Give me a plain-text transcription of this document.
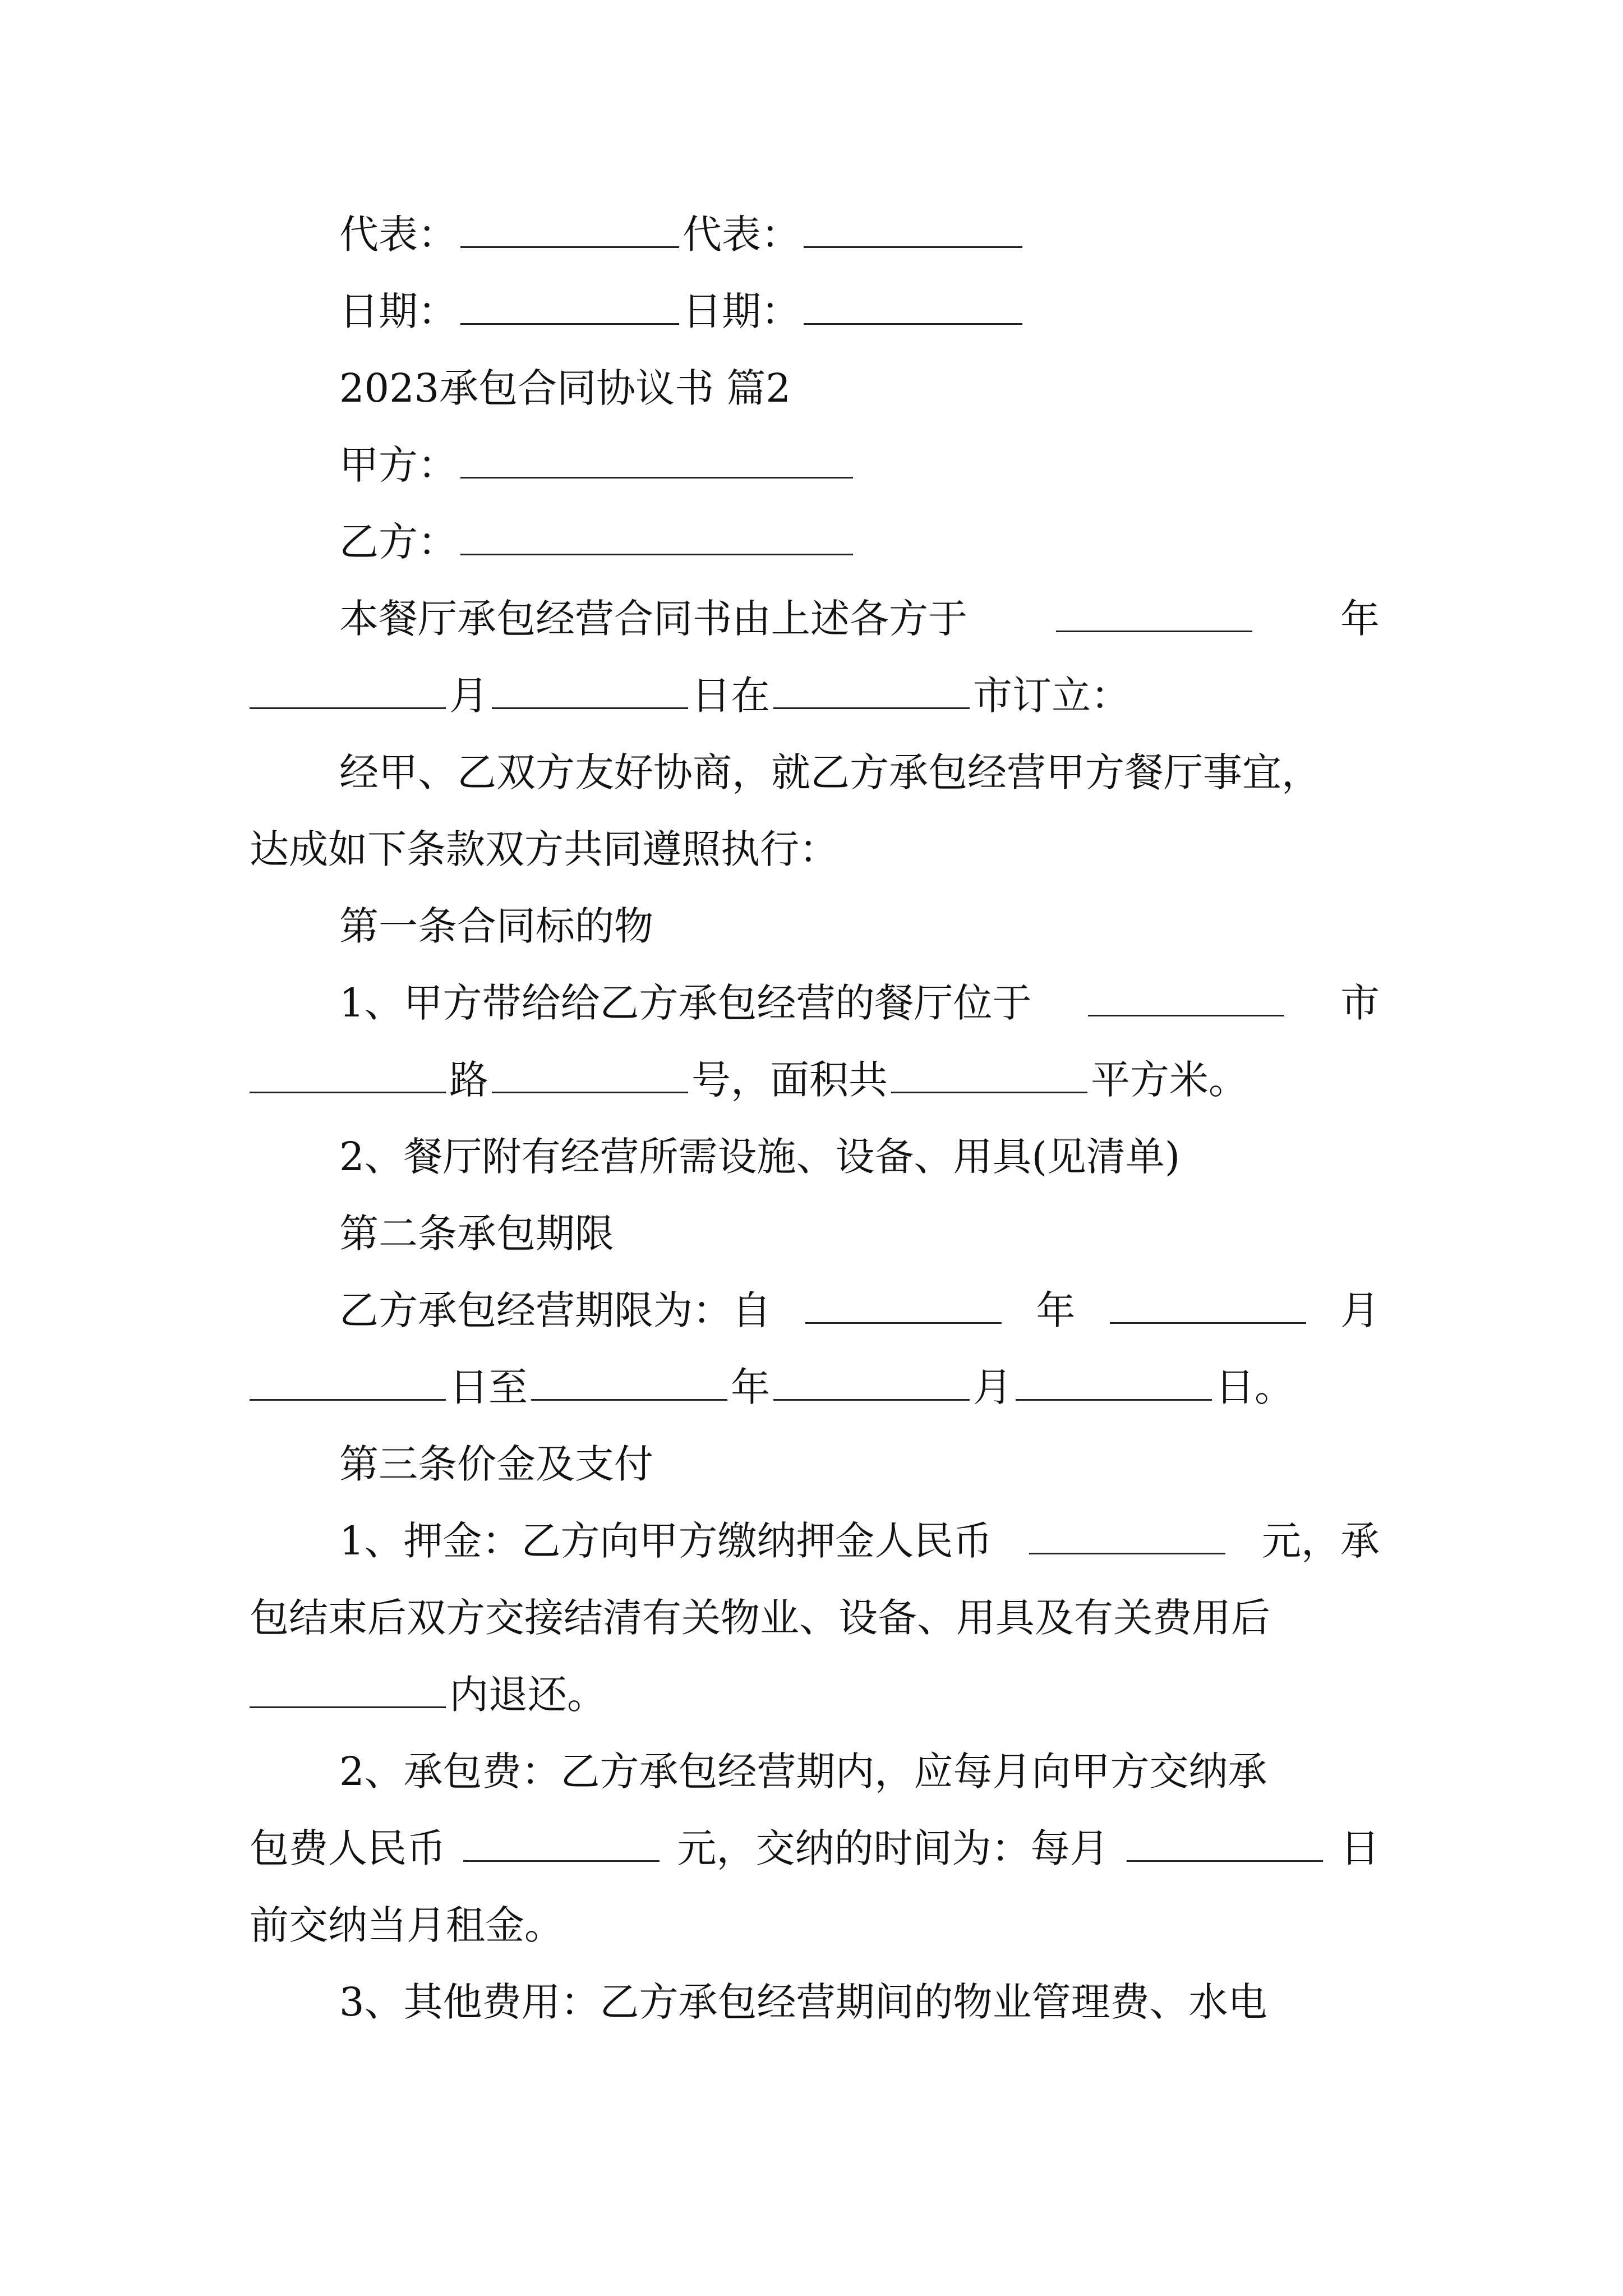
代表：	代表：
日期：	日期：
2023承包合同协议书 篇2
甲方：
乙方：
本餐厅承包经营合同书由上述各方于	年
月	日在	市订立：
经甲、乙双方友好协商，就乙方承包经营甲方餐厅事宜，
达成如下条款双方共同遵照执行：
第一条合同标的物
1、甲方带给给乙方承包经营的餐厅位于	市
路	号，面积共	平方米。
2、餐厅附有经营所需设施、设备、用具(见清单)
第二条承包期限
乙方承包经营期限为：自	年	月
日至	年	月	日。
第三条价金及支付
1、押金：乙方向甲方缴纳押金人民币	元，承
包结束后双方交接结清有关物业、设备、用具及有关费用后
内退还。
2、承包费：乙方承包经营期内，应每月向甲方交纳承
包费人民币	元，交纳的时间为：每月	日
前交纳当月租金。
3、其他费用：乙方承包经营期间的物业管理费、水电
